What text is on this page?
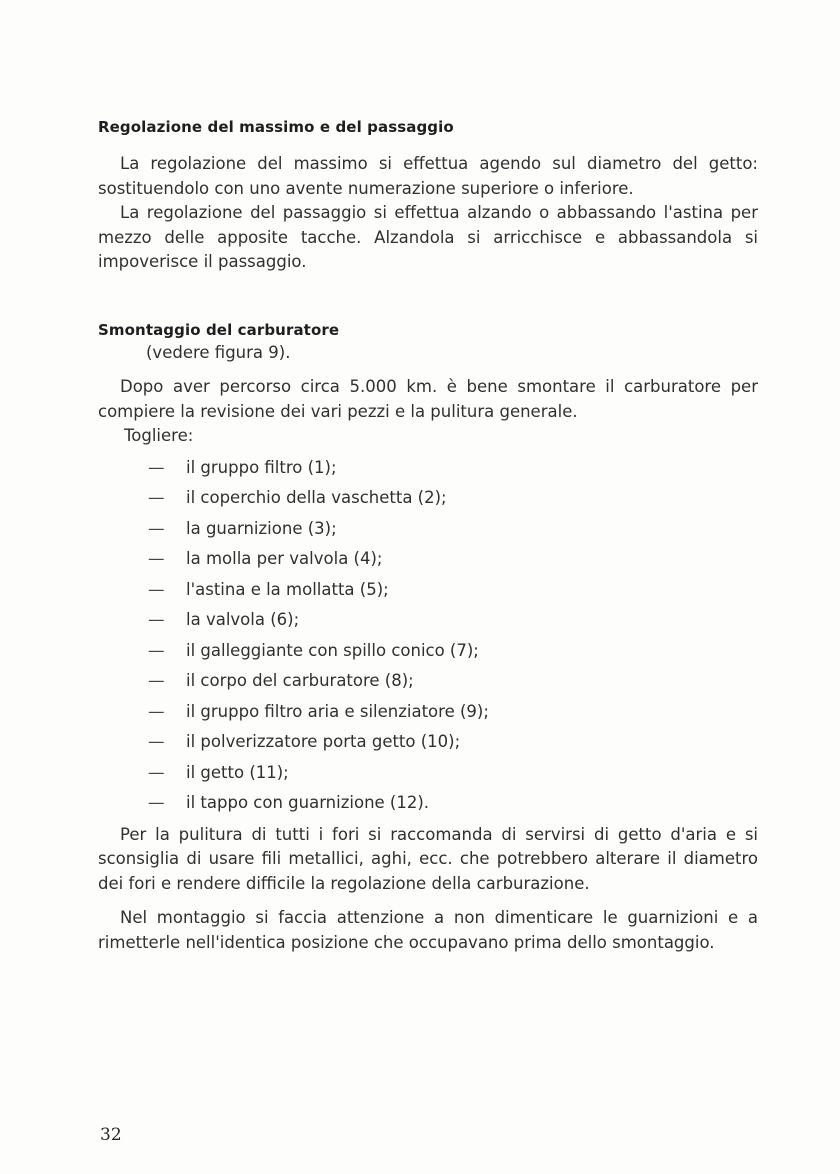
Regolazione del massimo e del passaggio

La regolazione del massimo si effettua agendo sul diametro del getto: sostituendolo con uno avente numerazione superiore o inferiore.

La regolazione del passaggio si effettua alzando o abbassando l'astina per mezzo delle apposite tacche. Alzandola si arricchisce e abbassandola si impoverisce il passaggio.

Smontaggio del carburatore

(vedere figura 9).

Dopo aver percorso circa 5.000 km. è bene smontare il carburatore per compiere la revisione dei vari pezzi e la pulitura generale.

Togliere:

—	il gruppo filtro (1);
—	il coperchio della vaschetta (2);
—	la guarnizione (3);
—	la molla per valvola (4);
—	l'astina e la mollatta (5);
—	la valvola (6);
—	il galleggiante con spillo conico (7);
—	il corpo del carburatore (8);
—	il gruppo filtro aria e silenziatore (9);
—	il polverizzatore porta getto (10);
—	il getto (11);
—	il tappo con guarnizione (12).

Per la pulitura di tutti i fori si raccomanda di servirsi di getto d'aria e si sconsiglia di usare fili metallici, aghi, ecc. che potrebbero alterare il diametro dei fori e rendere difficile la regolazione della carburazione.

Nel montaggio si faccia attenzione a non dimenticare le guarnizioni e a rimetterle nell'identica posizione che occupavano prima dello smontaggio.

32
